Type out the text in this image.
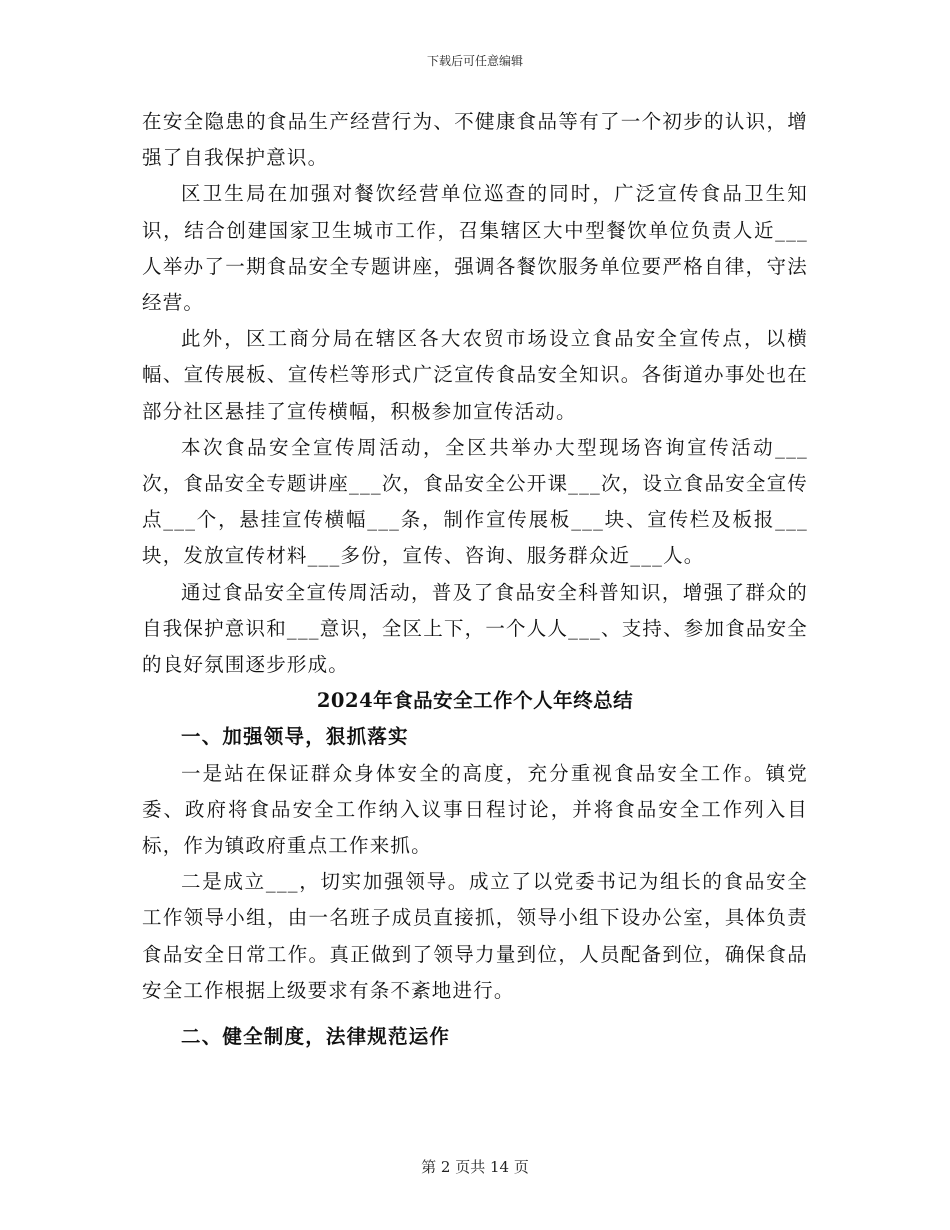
下载后可任意编辑

在安全隐患的食品生产经营行为、不健康食品等有了一个初步的认识，增强了自我保护意识。

区卫生局在加强对餐饮经营单位巡查的同时，广泛宣传食品卫生知识，结合创建国家卫生城市工作，召集辖区大中型餐饮单位负责人近___人举办了一期食品安全专题讲座，强调各餐饮服务单位要严格自律，守法经营。

此外，区工商分局在辖区各大农贸市场设立食品安全宣传点，以横幅、宣传展板、宣传栏等形式广泛宣传食品安全知识。各街道办事处也在部分社区悬挂了宣传横幅，积极参加宣传活动。

本次食品安全宣传周活动，全区共举办大型现场咨询宣传活动___次，食品安全专题讲座___次，食品安全公开课___次，设立食品安全宣传点___个，悬挂宣传横幅___条，制作宣传展板___块、宣传栏及板报___块，发放宣传材料___多份，宣传、咨询、服务群众近___人。

通过食品安全宣传周活动，普及了食品安全科普知识，增强了群众的自我保护意识和___意识，全区上下，一个人人___、支持、参加食品安全的良好氛围逐步形成。

2024年食品安全工作个人年终总结

一、加强领导，狠抓落实

一是站在保证群众身体安全的高度，充分重视食品安全工作。镇党委、政府将食品安全工作纳入议事日程讨论，并将食品安全工作列入目标，作为镇政府重点工作来抓。

二是成立___，切实加强领导。成立了以党委书记为组长的食品安全工作领导小组，由一名班子成员直接抓，领导小组下设办公室，具体负责食品安全日常工作。真正做到了领导力量到位，人员配备到位，确保食品安全工作根据上级要求有条不紊地进行。

二、健全制度，法律规范运作

第 2 页共 14 页
